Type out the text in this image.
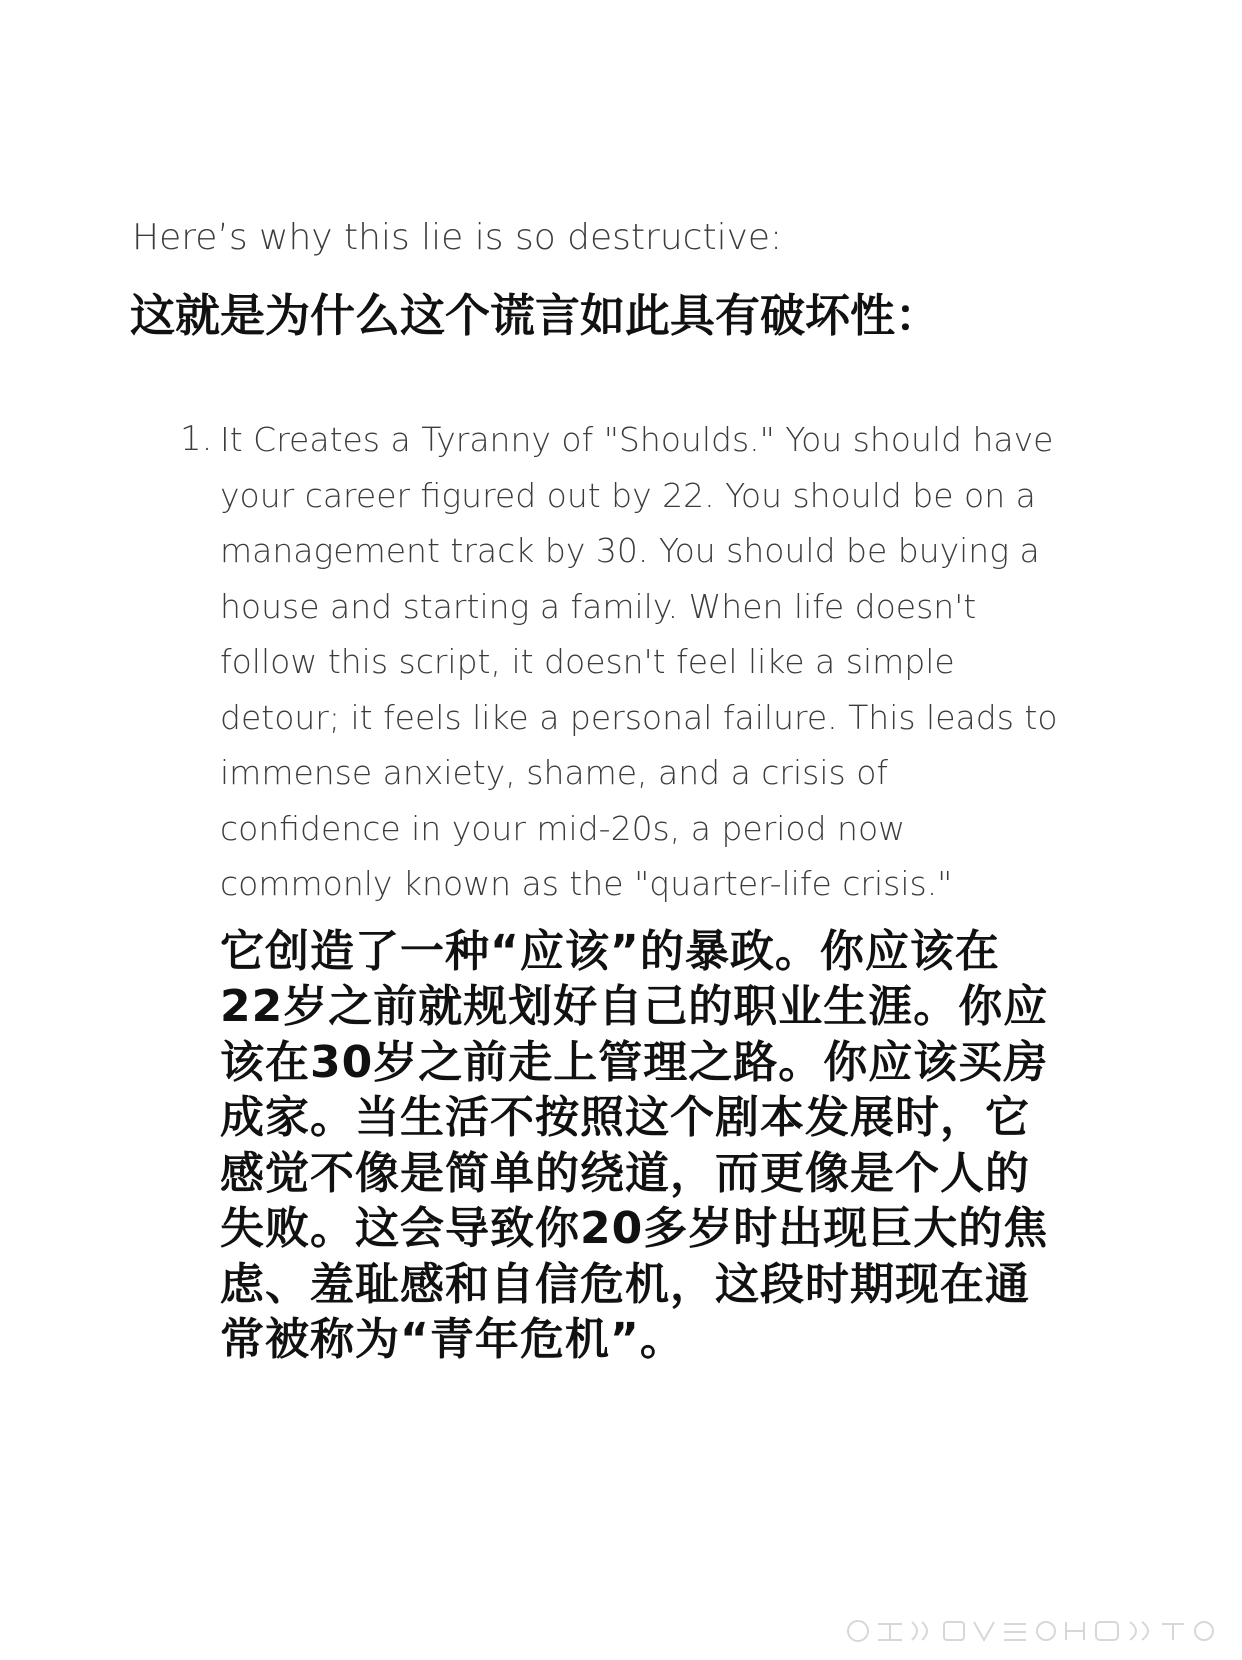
Here’s why this lie is so destructive:

这就是为什么这个谎言如此具有破坏性：

1. It Creates a Tyranny of "Shoulds." You should have your career figured out by 22. You should be on a management track by 30. You should be buying a house and starting a family. When life doesn't follow this script, it doesn't feel like a simple detour; it feels like a personal failure. This leads to immense anxiety, shame, and a crisis of confidence in your mid-20s, a period now commonly known as the "quarter-life crisis."

它创造了一种“应该”的暴政。你应该在22岁之前就规划好自己的职业生涯。你应该在30岁之前走上管理之路。你应该买房成家。当生活不按照这个剧本发展时，它感觉不像是简单的绕道，而更像是个人的失败。这会导致你20多岁时出现巨大的焦虑、羞耻感和自信危机，这段时期现在通常被称为“青年危机”。
